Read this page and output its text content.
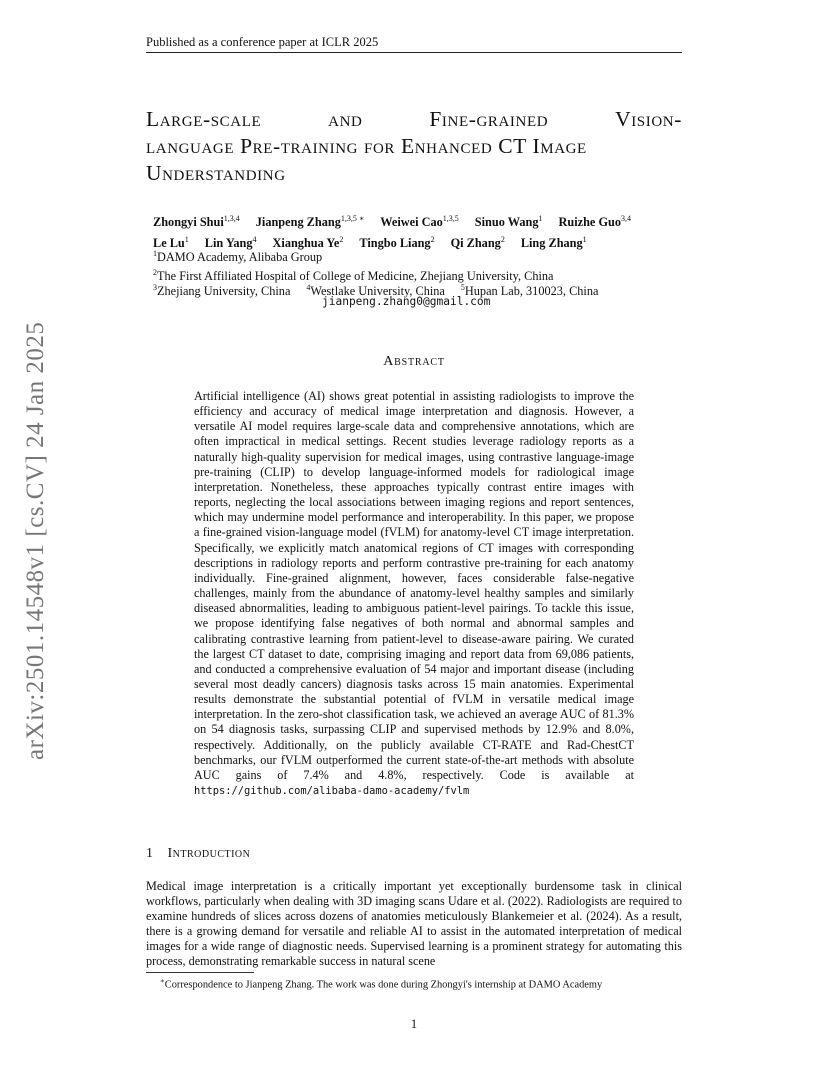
Published as a conference paper at ICLR 2025
arXiv:2501.14548v1 [cs.CV] 24 Jan 2025
Large-scale	and	Fine-grained	Vision-
language Pre-training for Enhanced CT Image
Understanding
Zhongyi Shui$^{1,3,4}$ Jianpeng Zhang$^{1,3,5 ∗}$ Weiwei Cao$^{1,3,5}$ Sinuo Wang$^1$ Ruizhe Guo$^{3,4}$
Le Lu$^1$ Lin Yang$^4$ Xianghua Ye$^2$ Tingbo Liang$^2$ Qi Zhang$^2$ Ling Zhang$^1$
$^1$DAMO Academy, Alibaba Group
$^2$The First Affiliated Hospital of College of Medicine, Zhejiang University, China
$^3$Zhejiang University, China $^4$Westlake University, China $^5$Hupan Lab, 310023, China
jianpeng.zhang0@gmail.com
Abstract
Artificial intelligence (AI) shows great potential in assisting radiologists to improve the efficiency and accuracy of medical image interpretation and diagnosis. However, a versatile AI model requires large-scale data and comprehensive annotations, which are often impractical in medical settings. Recent studies leverage radiology reports as a naturally high-quality supervision for medical images, using contrastive language-image pre-training (CLIP) to develop language-informed models for radiological image interpretation. Nonetheless, these approaches typically contrast entire images with reports, neglecting the local associations between imaging regions and report sentences, which may undermine model performance and interoperability. In this paper, we propose a fine-grained vision-language model (fVLM) for anatomy-level CT image interpretation. Specifically, we explicitly match anatomical regions of CT images with corresponding descriptions in radiology reports and perform contrastive pre-training for each anatomy individually. Fine-grained alignment, however, faces considerable false-negative challenges, mainly from the abundance of anatomy-level healthy samples and similarly diseased abnormalities, leading to ambiguous patient-level pairings. To tackle this issue, we propose identifying false negatives of both normal and abnormal samples and calibrating contrastive learning from patient-level to disease-aware pairing. We curated the largest CT dataset to date, comprising imaging and report data from 69,086 patients, and conducted a comprehensive evaluation of 54 major and important disease (including several most deadly cancers) diagnosis tasks across 15 main anatomies. Experimental results demonstrate the substantial potential of fVLM in versatile medical image interpretation. In the zero-shot classification task, we achieved an average AUC of 81.3% on 54 diagnosis tasks, surpassing CLIP and supervised methods by 12.9% and 8.0%, respectively. Additionally, on the publicly available CT-RATE and Rad-ChestCT benchmarks, our fVLM outperformed the current state-of-the-art methods with absolute AUC gains of 7.4% and 4.8%, respectively. Code is available at https://github.com/alibaba-damo-academy/fvlm
1 Introduction
Medical image interpretation is a critically important yet exceptionally burdensome task in clinical workflows, particularly when dealing with 3D imaging scans Udare et al. (2022). Radiologists are required to examine hundreds of slices across dozens of anatomies meticulously Blankemeier et al. (2024). As a result, there is a growing demand for versatile and reliable AI to assist in the automated interpretation of medical images for a wide range of diagnostic needs. Supervised learning is a prominent strategy for automating this process, demonstrating remarkable success in natural scene
∗Correspondence to Jianpeng Zhang. The work was done during Zhongyi's internship at DAMO Academy
1
